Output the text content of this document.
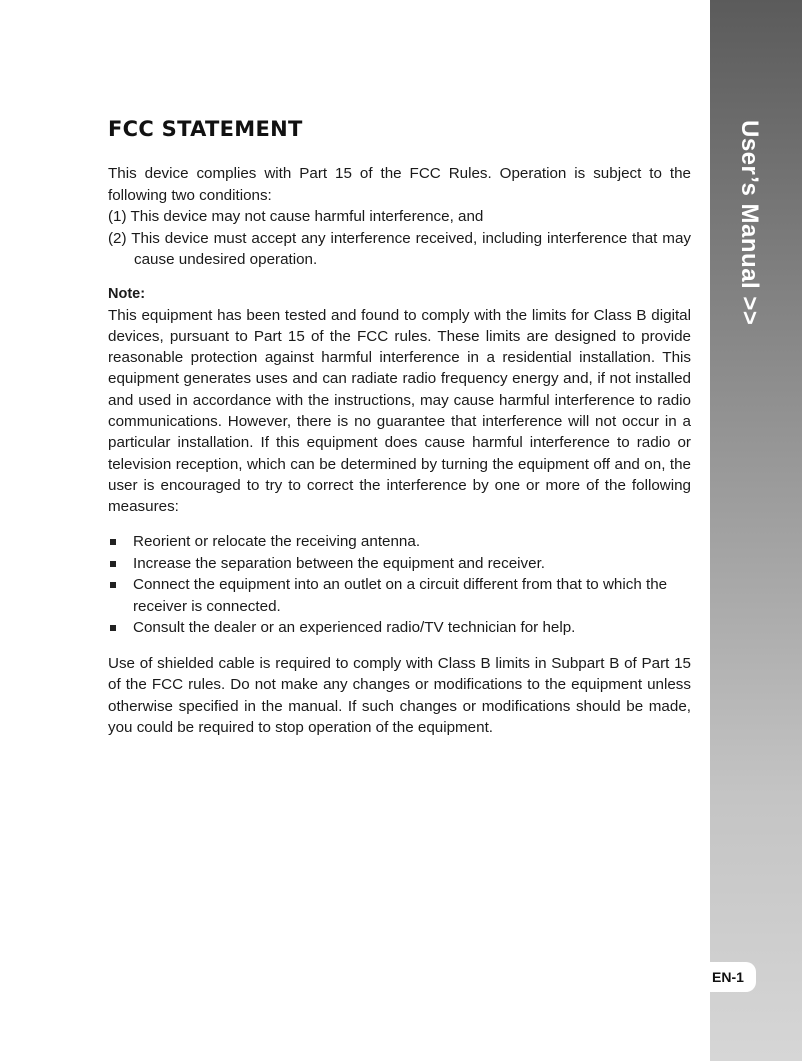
User’s Manual >>
EN-1
FCC STATEMENT

This device complies with Part 15 of the FCC Rules. Operation is subject to the following two conditions:

(1) This device may not cause harmful interference, and

(2) This device must accept any interference received, including interference that may cause undesired operation.

Note:

This equipment has been tested and found to comply with the limits for Class B digital devices, pursuant to Part 15 of the FCC rules. These limits are designed to provide reasonable protection against harmful interference in a residential installation. This equipment generates uses and can radiate radio frequency energy and, if not installed and used in accordance with the instructions, may cause harmful interference to radio communications. However, there is no guarantee that interference will not occur in a particular installation. If this equipment does cause harmful interference to radio or television reception, which can be determined by turning the equipment off and on, the user is encouraged to try to correct the interference by one or more of the following measures:

Reorient or relocate the receiving antenna.
Increase the separation between the equipment and receiver.
Connect the equipment into an outlet on a circuit different from that to which the receiver is connected.
Consult the dealer or an experienced radio/TV technician for help.

Use of shielded cable is required to comply with Class B limits in Subpart B of Part 15 of the FCC rules. Do not make any changes or modifications to the equipment unless otherwise specified in the manual. If such changes or modifications should be made, you could be required to stop operation of the equipment.
